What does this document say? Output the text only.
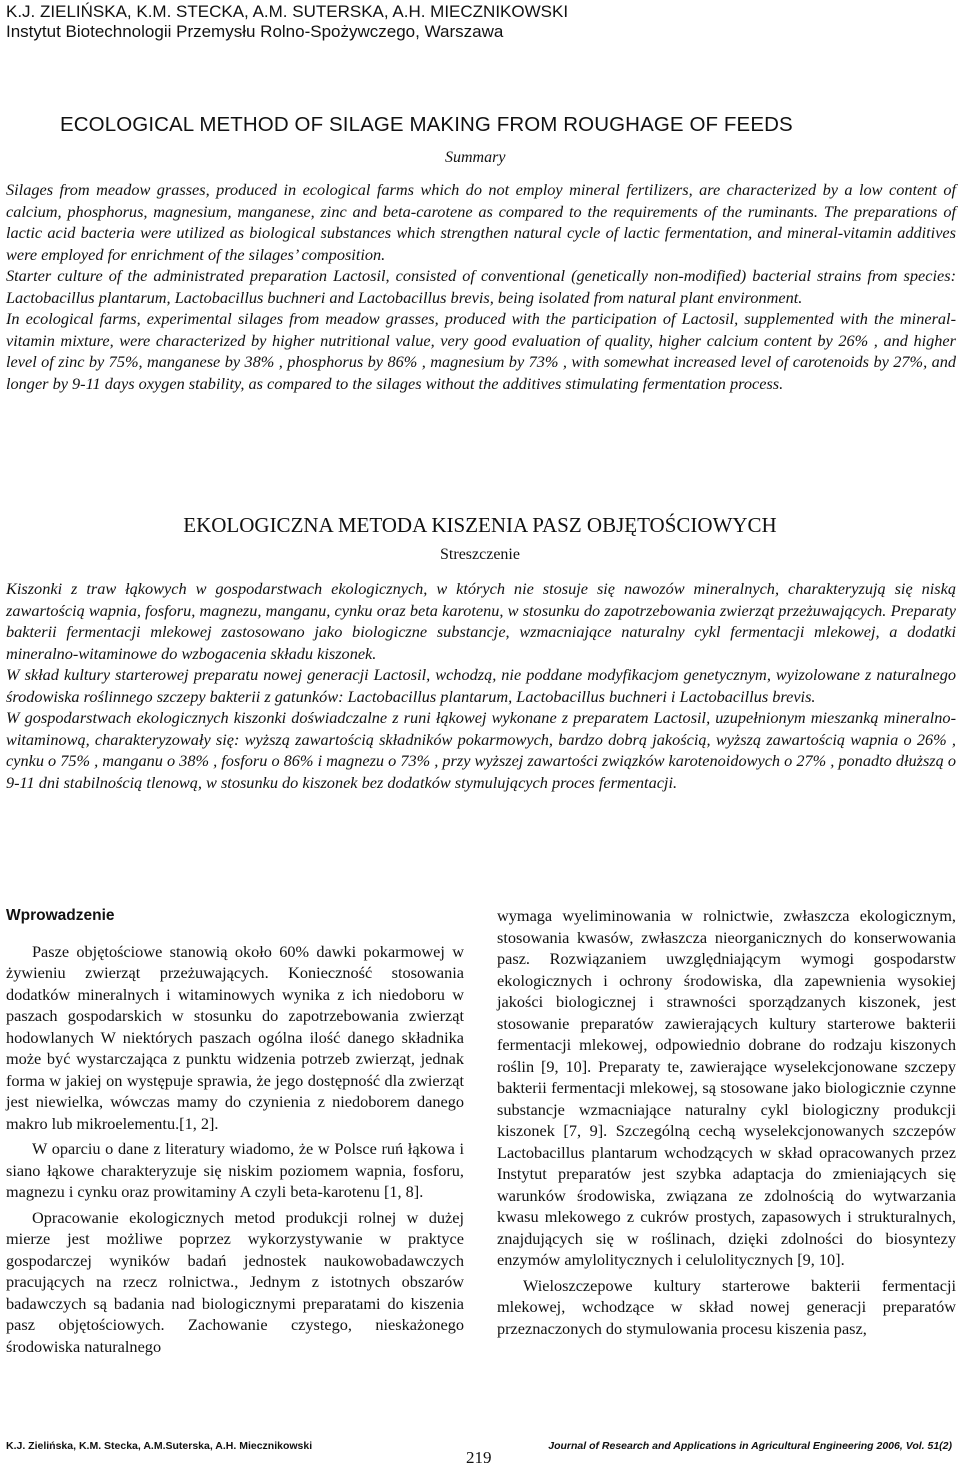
K.J. ZIELIŃSKA, K.M. STECKA, A.M. SUTERSKA, A.H. MIECZNIKOWSKI
Instytut Biotechnologii Przemysłu Rolno-Spożywczego, Warszawa
ECOLOGICAL METHOD OF SILAGE MAKING FROM ROUGHAGE OF FEEDS
Summary

Silages from meadow grasses, produced in ecological farms which do not employ mineral fertilizers, are characterized by a low content of calcium, phosphorus, magnesium, manganese, zinc and beta-carotene as compared to the requirements of the ruminants. The preparations of lactic acid bacteria were utilized as biological substances which strengthen natural cycle of lactic fermentation, and mineral-vitamin additives were employed for enrichment of the silages’ composition.

Starter culture of the administrated preparation Lactosil, consisted of conventional (genetically non-modified) bacterial strains from species: Lactobacillus plantarum, Lactobacillus buchneri and Lactobacillus brevis, being isolated from natural plant environment.

In ecological farms, experimental silages from meadow grasses, produced with the participation of Lactosil, supplemented with the mineral-vitamin mixture, were characterized by higher nutritional value, very good evaluation of quality, higher calcium content by 26% , and higher level of zinc by 75%, manganese by 38% , phosphorus by 86% , magnesium by 73% , with somewhat increased level of carotenoids by 27%, and longer by 9-11 days oxygen stability, as compared to the silages without the additives stimulating fermentation process.

EKOLOGICZNA METODA KISZENIA PASZ OBJĘTOŚCIOWYCH
Streszczenie

Kiszonki z traw łąkowych w gospodarstwach ekologicznych, w których nie stosuje się nawozów mineralnych, charakteryzują się niską zawartością wapnia, fosforu, magnezu, manganu, cynku oraz beta karotenu, w stosunku do zapotrzebowania zwierząt przeżuwających. Preparaty bakterii fermentacji mlekowej zastosowano jako biologiczne substancje, wzmacniające naturalny cykl fermentacji mlekowej, a dodatki mineralno-witaminowe do wzbogacenia składu kiszonek.

W skład kultury starterowej preparatu nowej generacji Lactosil, wchodzą, nie poddane modyfikacjom genetycznym, wyizolowane z naturalnego środowiska roślinnego szczepy bakterii z gatunków: Lactobacillus plantarum, Lactobacillus buchneri i Lactobacillus brevis.

W gospodarstwach ekologicznych kiszonki doświadczalne z runi łąkowej wykonane z preparatem Lactosil, uzupełnionym mieszanką mineralno-witaminową, charakteryzowały się: wyższą zawartością składników pokarmowych, bardzo dobrą jakością, wyższą zawartością wapnia o 26% , cynku o 75% , manganu o 38% , fosforu o 86% i magnezu o 73% , przy wyższej zawartości związków karotenoidowych o 27% , ponadto dłuższą o 9-11 dni stabilnością tlenową, w stosunku do kiszonek bez dodatków stymulujących proces fermentacji.

Wprowadzenie

Pasze objętościowe stanowią około 60% dawki pokarmowej w żywieniu zwierząt przeżuwających. Konieczność stosowania dodatków mineralnych i witaminowych wynika z ich niedoboru w paszach gospodarskich w stosunku do zapotrzebowania zwierząt hodowlanych W niektórych paszach ogólna ilość danego składnika może być wystarczająca z punktu widzenia potrzeb zwierząt, jednak forma w jakiej on występuje sprawia, że jego dostępność dla zwierząt jest niewielka, wówczas mamy do czynienia z niedoborem danego makro lub mikroelementu.[1, 2].

W oparciu o dane z literatury wiadomo, że w Polsce ruń łąkowa i siano łąkowe charakteryzuje się niskim poziomem wapnia, fosforu, magnezu i cynku oraz prowitaminy A czyli beta-karotenu [1, 8].

Opracowanie ekologicznych metod produkcji rolnej w dużej mierze jest możliwe poprzez wykorzystywanie w praktyce gospodarczej wyników badań jednostek naukowobadawczych pracujących na rzecz rolnictwa., Jednym z istotnych obszarów badawczych są badania nad biologicznymi preparatami do kiszenia pasz objętościowych. Zachowanie czystego, nieskażonego środowiska naturalnego

wymaga wyeliminowania w rolnictwie, zwłaszcza ekologicznym, stosowania kwasów, zwłaszcza nieorganicznych do konserwowania pasz. Rozwiązaniem uwzględniającym wymogi gospodarstw ekologicznych i ochrony środowiska, dla zapewnienia wysokiej jakości biologicznej i strawności sporządzanych kiszonek, jest stosowanie preparatów zawierających kultury starterowe bakterii fermentacji mlekowej, odpowiednio dobrane do rodzaju kiszonych roślin [9, 10]. Preparaty te, zawierające wyselekcjonowane szczepy bakterii fermentacji mlekowej, są stosowane jako biologicznie czynne substancje wzmacniające naturalny cykl biologiczny produkcji kiszonek [7, 9]. Szczególną cechą wyselekcjonowanych szczepów Lactobacillus plantarum wchodzących w skład opracowanych przez Instytut preparatów jest szybka adaptacja do zmieniających się warunków środowiska, związana ze zdolnością do wytwarzania kwasu mlekowego z cukrów prostych, zapasowych i strukturalnych, znajdujących się w roślinach, dzięki zdolności do biosyntezy enzymów amylolitycznych i celulolitycznych [9, 10].

Wieloszczepowe kultury starterowe bakterii fermentacji mlekowej, wchodzące w skład nowej generacji preparatów przeznaczonych do stymulowania procesu kiszenia pasz,

K.J. Zielińska, K.M. Stecka, A.M.Suterska, A.H. Miecznikowski
219
Journal of Research and Applications in Agricultural Engineering 2006, Vol. 51(2)
